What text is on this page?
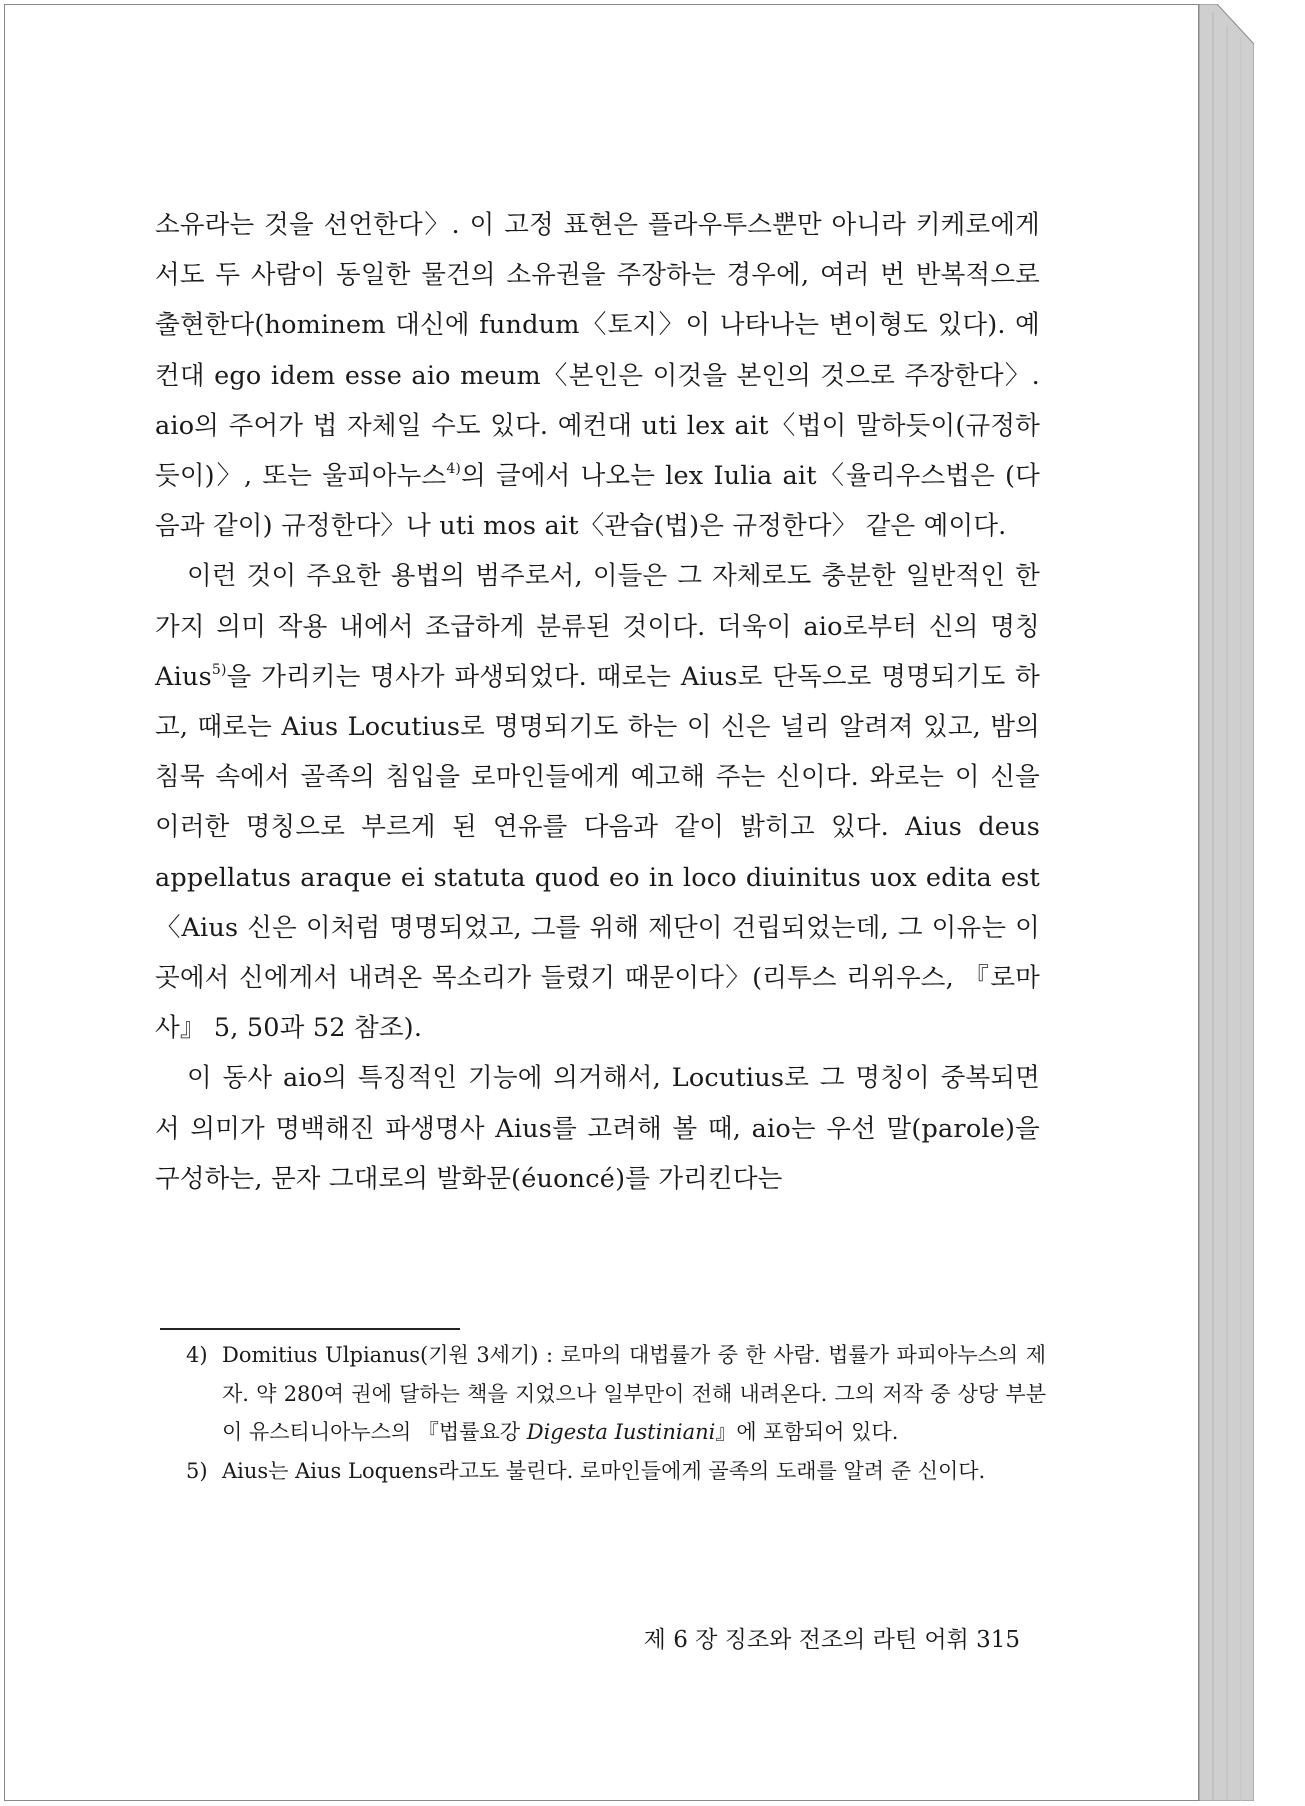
소유라는 것을 선언한다〉. 이 고정 표현은 플라우투스뿐만 아니라 키케로에게서도 두 사람이 동일한 물건의 소유권을 주장하는 경우에, 여러 번 반복적으로 출현한다(hominem 대신에 fundum〈토지〉이 나타나는 변이형도 있다). 예컨대 ego idem esse aio meum〈본인은 이것을 본인의 것으로 주장한다〉. aio의 주어가 법 자체일 수도 있다. 예컨대 uti lex ait〈법이 말하듯이(규정하듯이)〉, 또는 울피아누스$^{4)}$의 글에서 나오는 lex Iulia ait〈율리우스법은 (다음과 같이) 규정한다〉나 uti mos ait〈관습(법)은 규정한다〉 같은 예이다.

이런 것이 주요한 용법의 범주로서, 이들은 그 자체로도 충분한 일반적인 한 가지 의미 작용 내에서 조급하게 분류된 것이다. 더욱이 aio로부터 신의 명칭 Aius$^{5)}$을 가리키는 명사가 파생되었다. 때로는 Aius로 단독으로 명명되기도 하고, 때로는 Aius Locutius로 명명되기도 하는 이 신은 널리 알려져 있고, 밤의 침묵 속에서 골족의 침입을 로마인들에게 예고해 주는 신이다. 와로는 이 신을 이러한 명칭으로 부르게 된 연유를 다음과 같이 밝히고 있다. Aius deus appellatus araque ei statuta quod eo in loco diuinitus uox edita est〈Aius 신은 이처럼 명명되었고, 그를 위해 제단이 건립되었는데, 그 이유는 이 곳에서 신에게서 내려온 목소리가 들렸기 때문이다〉(리투스 리위우스, 『로마사』 5, 50과 52 참조).

이 동사 aio의 특징적인 기능에 의거해서, Locutius로 그 명칭이 중복되면서 의미가 명백해진 파생명사 Aius를 고려해 볼 때, aio는 우선 말(parole)을 구성하는, 문자 그대로의 발화문(éuoncé)를 가리킨다는

4) Domitius Ulpianus(기원 3세기) : 로마의 대법률가 중 한 사람. 법률가 파피아누스의 제자. 약 280여 권에 달하는 책을 지었으나 일부만이 전해 내려온다. 그의 저작 중 상당 부분이 유스티니아누스의 『법률요강 Digesta Iustiniani』에 포함되어 있다.
5) Aius는 Aius Loquens라고도 불린다. 로마인들에게 골족의 도래를 알려 준 신이다.
제 6 장 징조와 전조의 라틴 어휘 315
